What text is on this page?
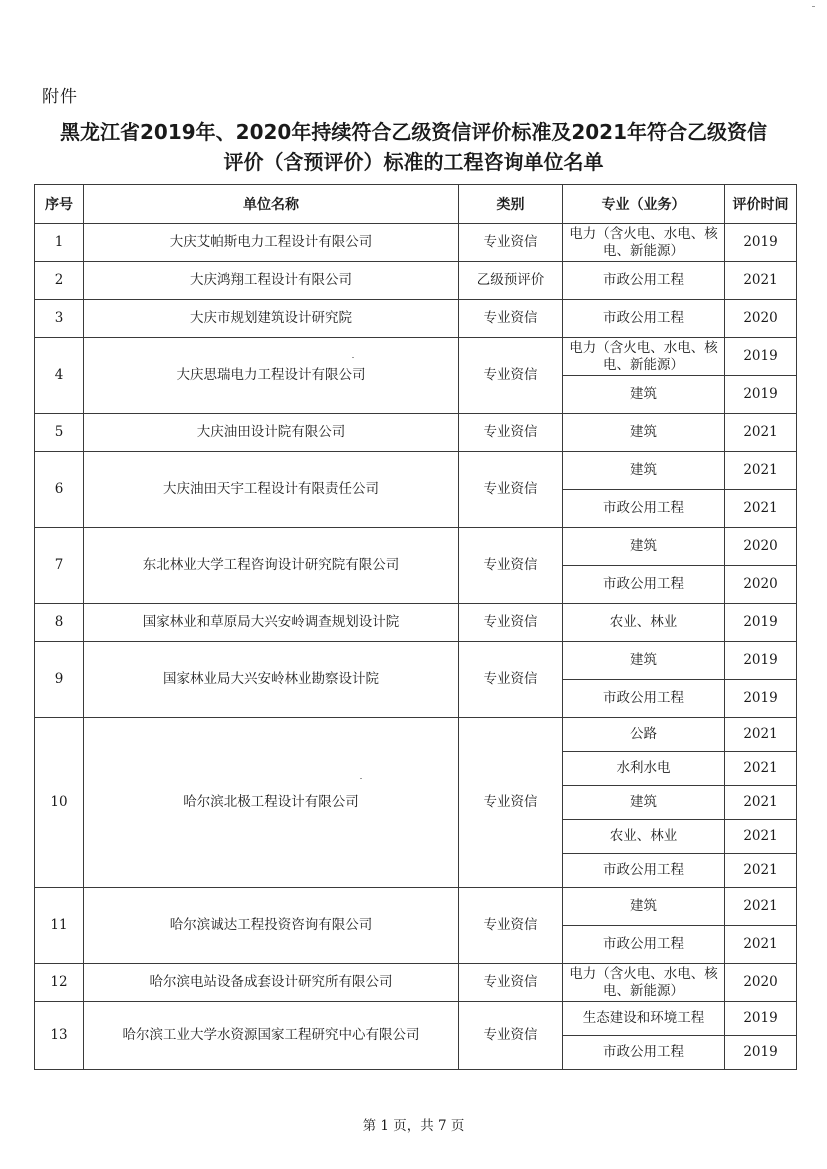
附件
黑龙江省2019年、2020年持续符合乙级资信评价标准及2021年符合乙级资信
评价（含预评价）标准的工程咨询单位名单
序号	单位名称	类别	专业（业务）	评价时间
1	大庆艾帕斯电力工程设计有限公司	专业资信	电力（含火电、水电、核电、新能源）	2019
2	大庆鸿翔工程设计有限公司	乙级预评价	市政公用工程	2021
3	大庆市规划建筑设计研究院	专业资信	市政公用工程	2020
4	大庆思瑞电力工程设计有限公司	专业资信	电力（含火电、水电、核电、新能源）	2019
			建筑	2019
5	大庆油田设计院有限公司	专业资信	建筑	2021
6	大庆油田天宇工程设计有限责任公司	专业资信	建筑	2021
			市政公用工程	2021
7	东北林业大学工程咨询设计研究院有限公司	专业资信	建筑	2020
			市政公用工程	2020
8	国家林业和草原局大兴安岭调查规划设计院	专业资信	农业、林业	2019
9	国家林业局大兴安岭林业勘察设计院	专业资信	建筑	2019
			市政公用工程	2019
10	哈尔滨北极工程设计有限公司	专业资信	公路	2021
			水利水电	2021
			建筑	2021
			农业、林业	2021
			市政公用工程	2021
11	哈尔滨诚达工程投资咨询有限公司	专业资信	建筑	2021
			市政公用工程	2021
12	哈尔滨电站设备成套设计研究所有限公司	专业资信	电力（含火电、水电、核电、新能源）	2020
13	哈尔滨工业大学水资源国家工程研究中心有限公司	专业资信	生态建设和环境工程	2019
			市政公用工程	2019
第 1 页，共 7 页
